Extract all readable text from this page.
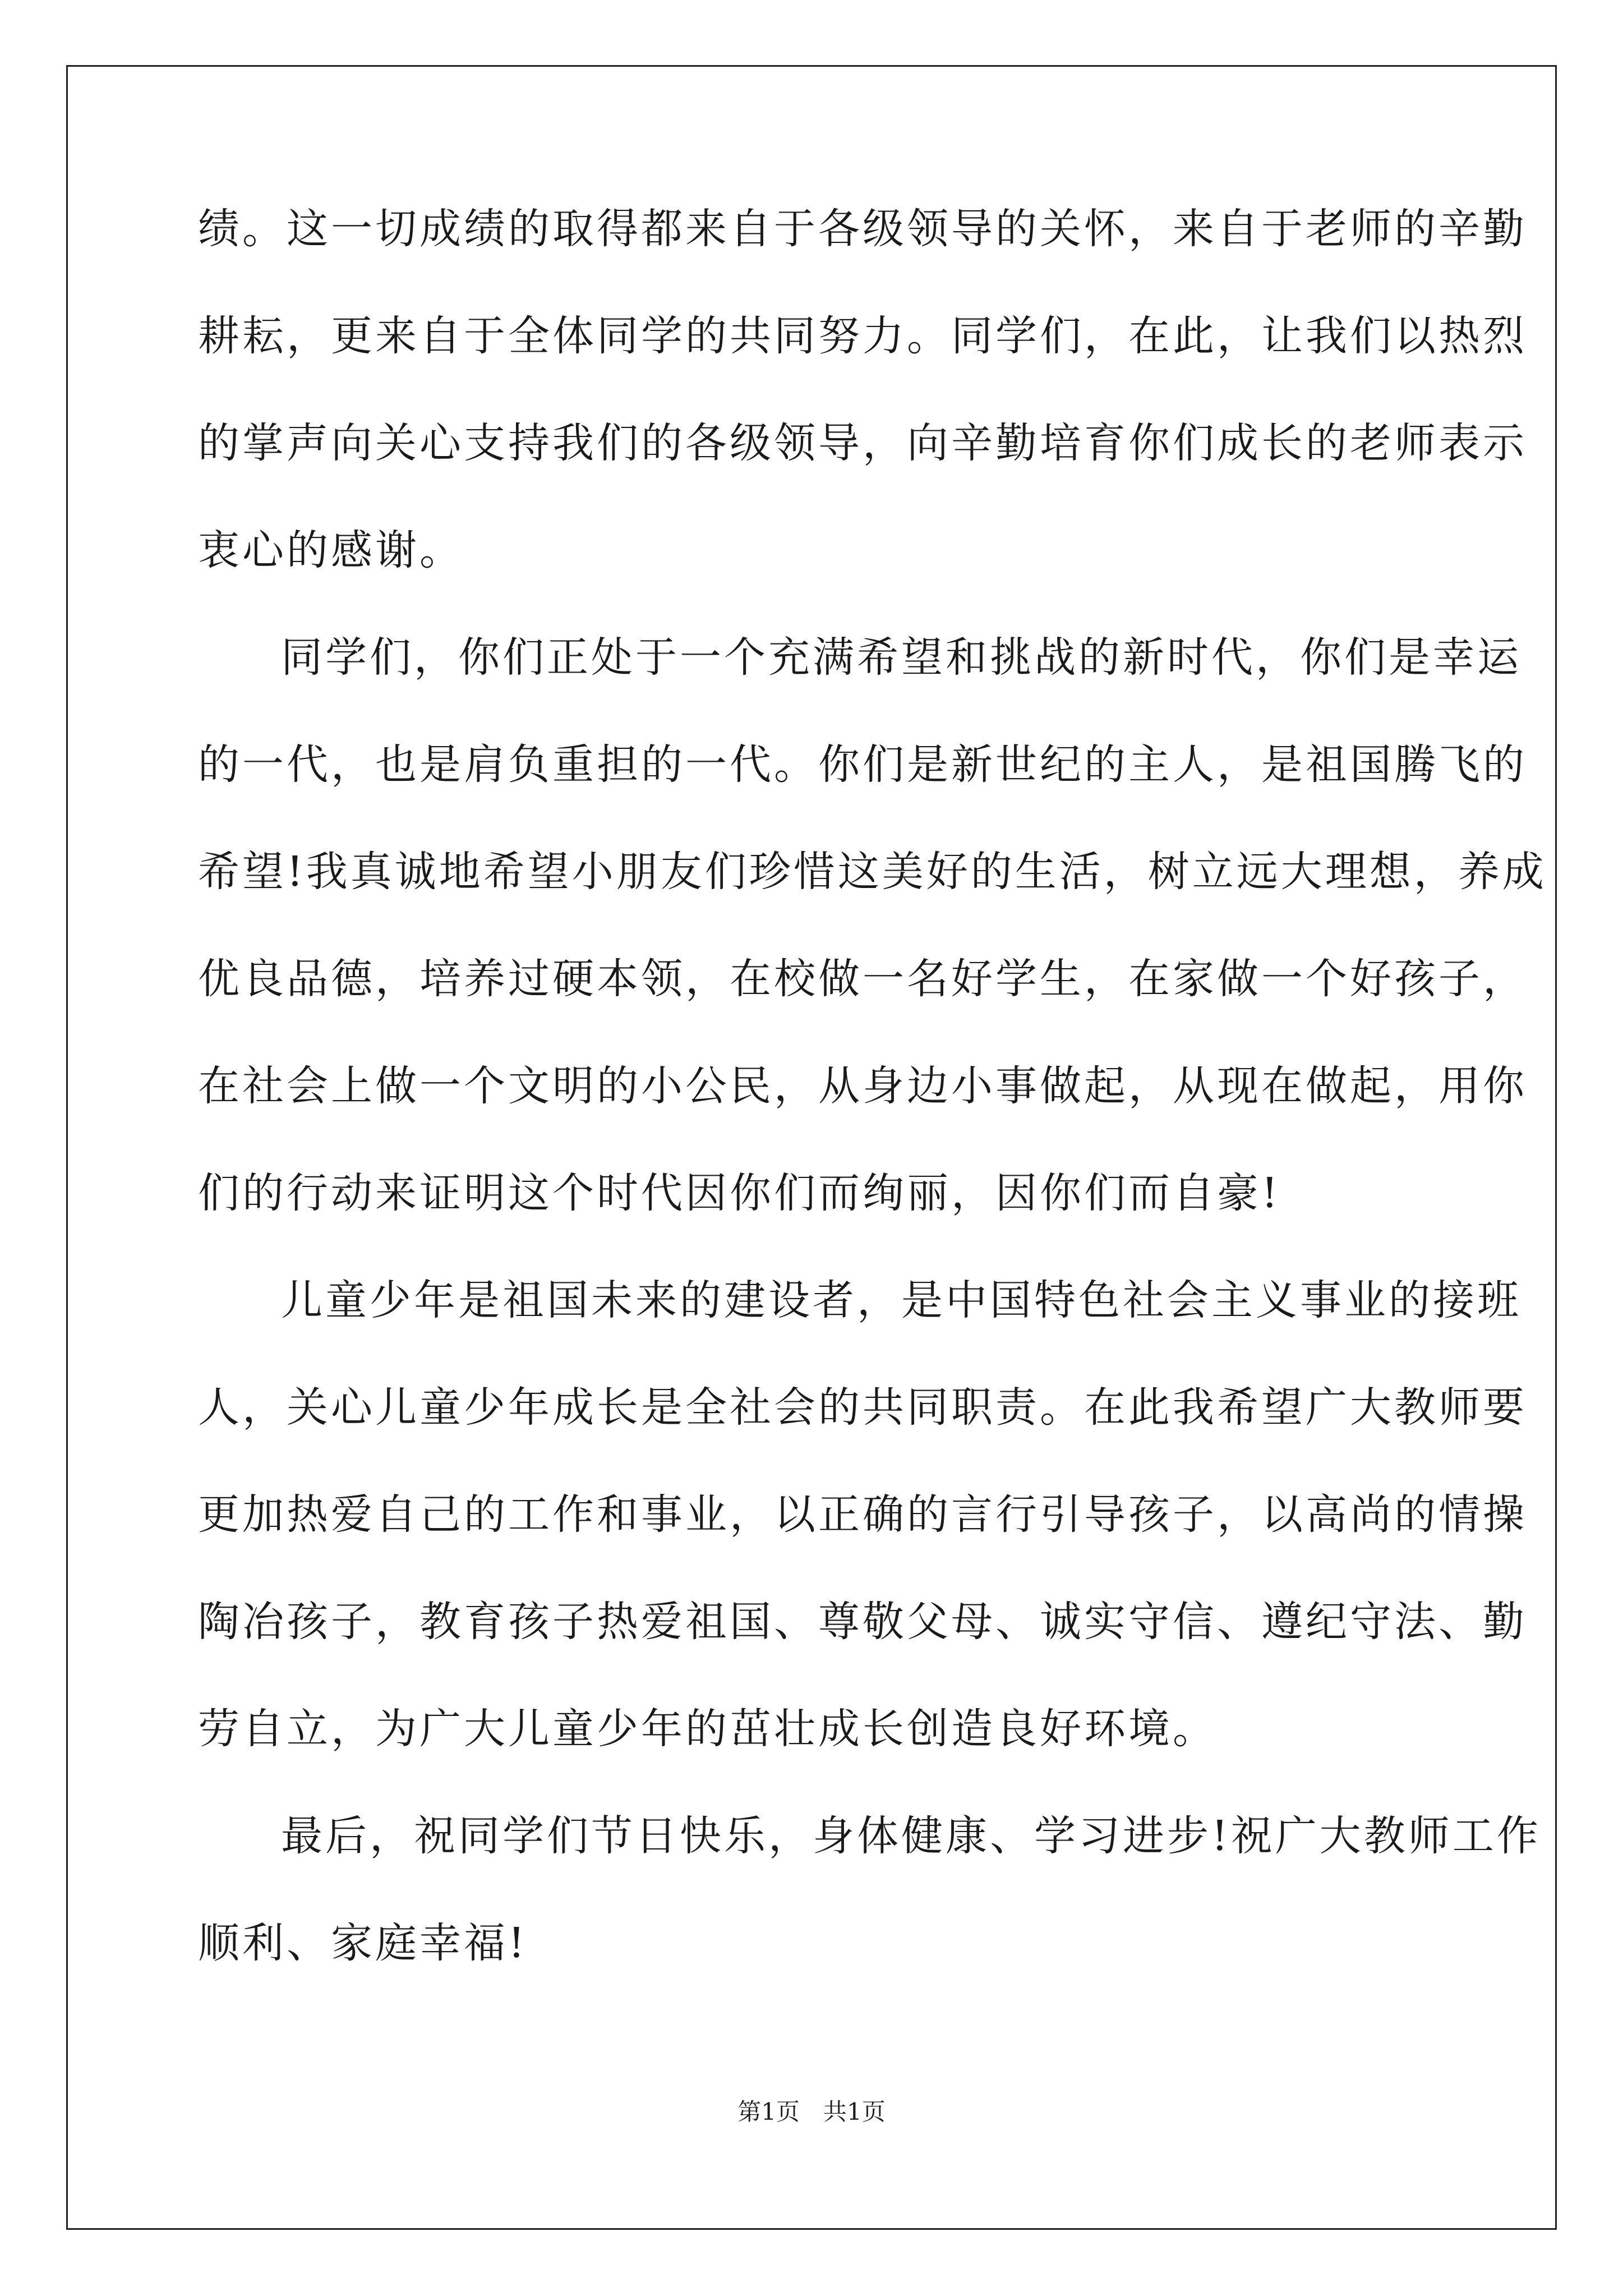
绩。这一切成绩的取得都来自于各级领导的关怀，来自于老师的辛勤
耕耘，更来自于全体同学的共同努力。同学们，在此，让我们以热烈
的掌声向关心支持我们的各级领导，向辛勤培育你们成长的老师表示
衷心的感谢。
同学们，你们正处于一个充满希望和挑战的新时代，你们是幸运
的一代，也是肩负重担的一代。你们是新世纪的主人，是祖国腾飞的
希望!我真诚地希望小朋友们珍惜这美好的生活，树立远大理想，养成
优良品德，培养过硬本领，在校做一名好学生，在家做一个好孩子，
在社会上做一个文明的小公民，从身边小事做起，从现在做起，用你
们的行动来证明这个时代因你们而绚丽，因你们而自豪!
儿童少年是祖国未来的建设者，是中国特色社会主义事业的接班
人，关心儿童少年成长是全社会的共同职责。在此我希望广大教师要
更加热爱自己的工作和事业，以正确的言行引导孩子，以高尚的情操
陶冶孩子，教育孩子热爱祖国、尊敬父母、诚实守信、遵纪守法、勤
劳自立，为广大儿童少年的茁壮成长创造良好环境。
最后，祝同学们节日快乐，身体健康、学习进步!祝广大教师工作
顺利、家庭幸福!
第1页　共1页
